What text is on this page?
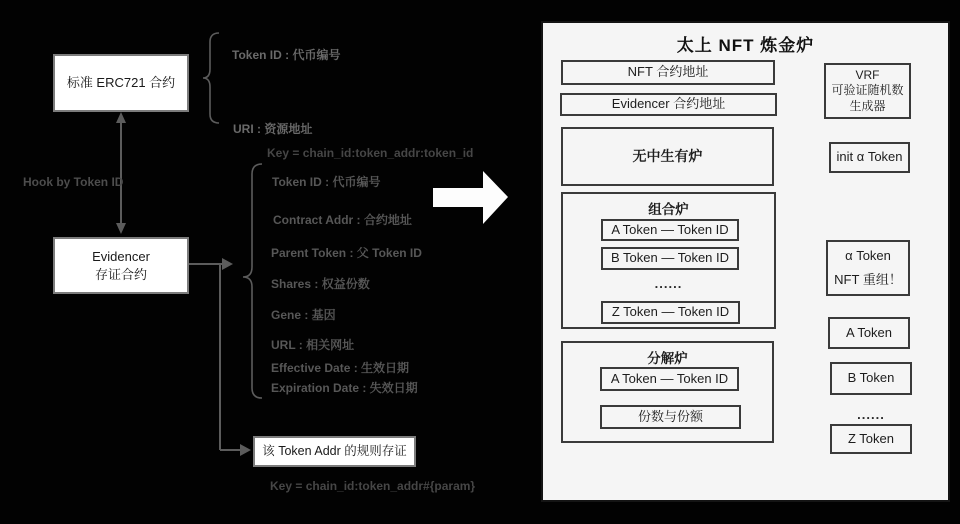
标准 ERC721 合约
Token ID : 代币编号
URI : 资源地址
Hook by Token ID
Evidencer
存证合约
Key = chain_id:token_addr:token_id
Token ID : 代币编号
Contract Addr : 合约地址
Parent Token : 父 Token ID
Shares : 权益份数
Gene : 基因
URL : 相关网址
Effective Date : 生效日期
Expiration Date : 失效日期
该 Token Addr 的规则存证
Key = chain_id:token_addr#{param}
太上 NFT 炼金炉
NFT 合约地址
Evidencer 合约地址
VRF
可验证随机数
生成器
无中生有炉	init α Token
组合炉
A Token — Token ID
B Token — Token ID
......
Z Token — Token ID
α Token
NFT 重组！
分解炉
A Token — Token ID
份数与份额
A Token
B Token
......
Z Token
